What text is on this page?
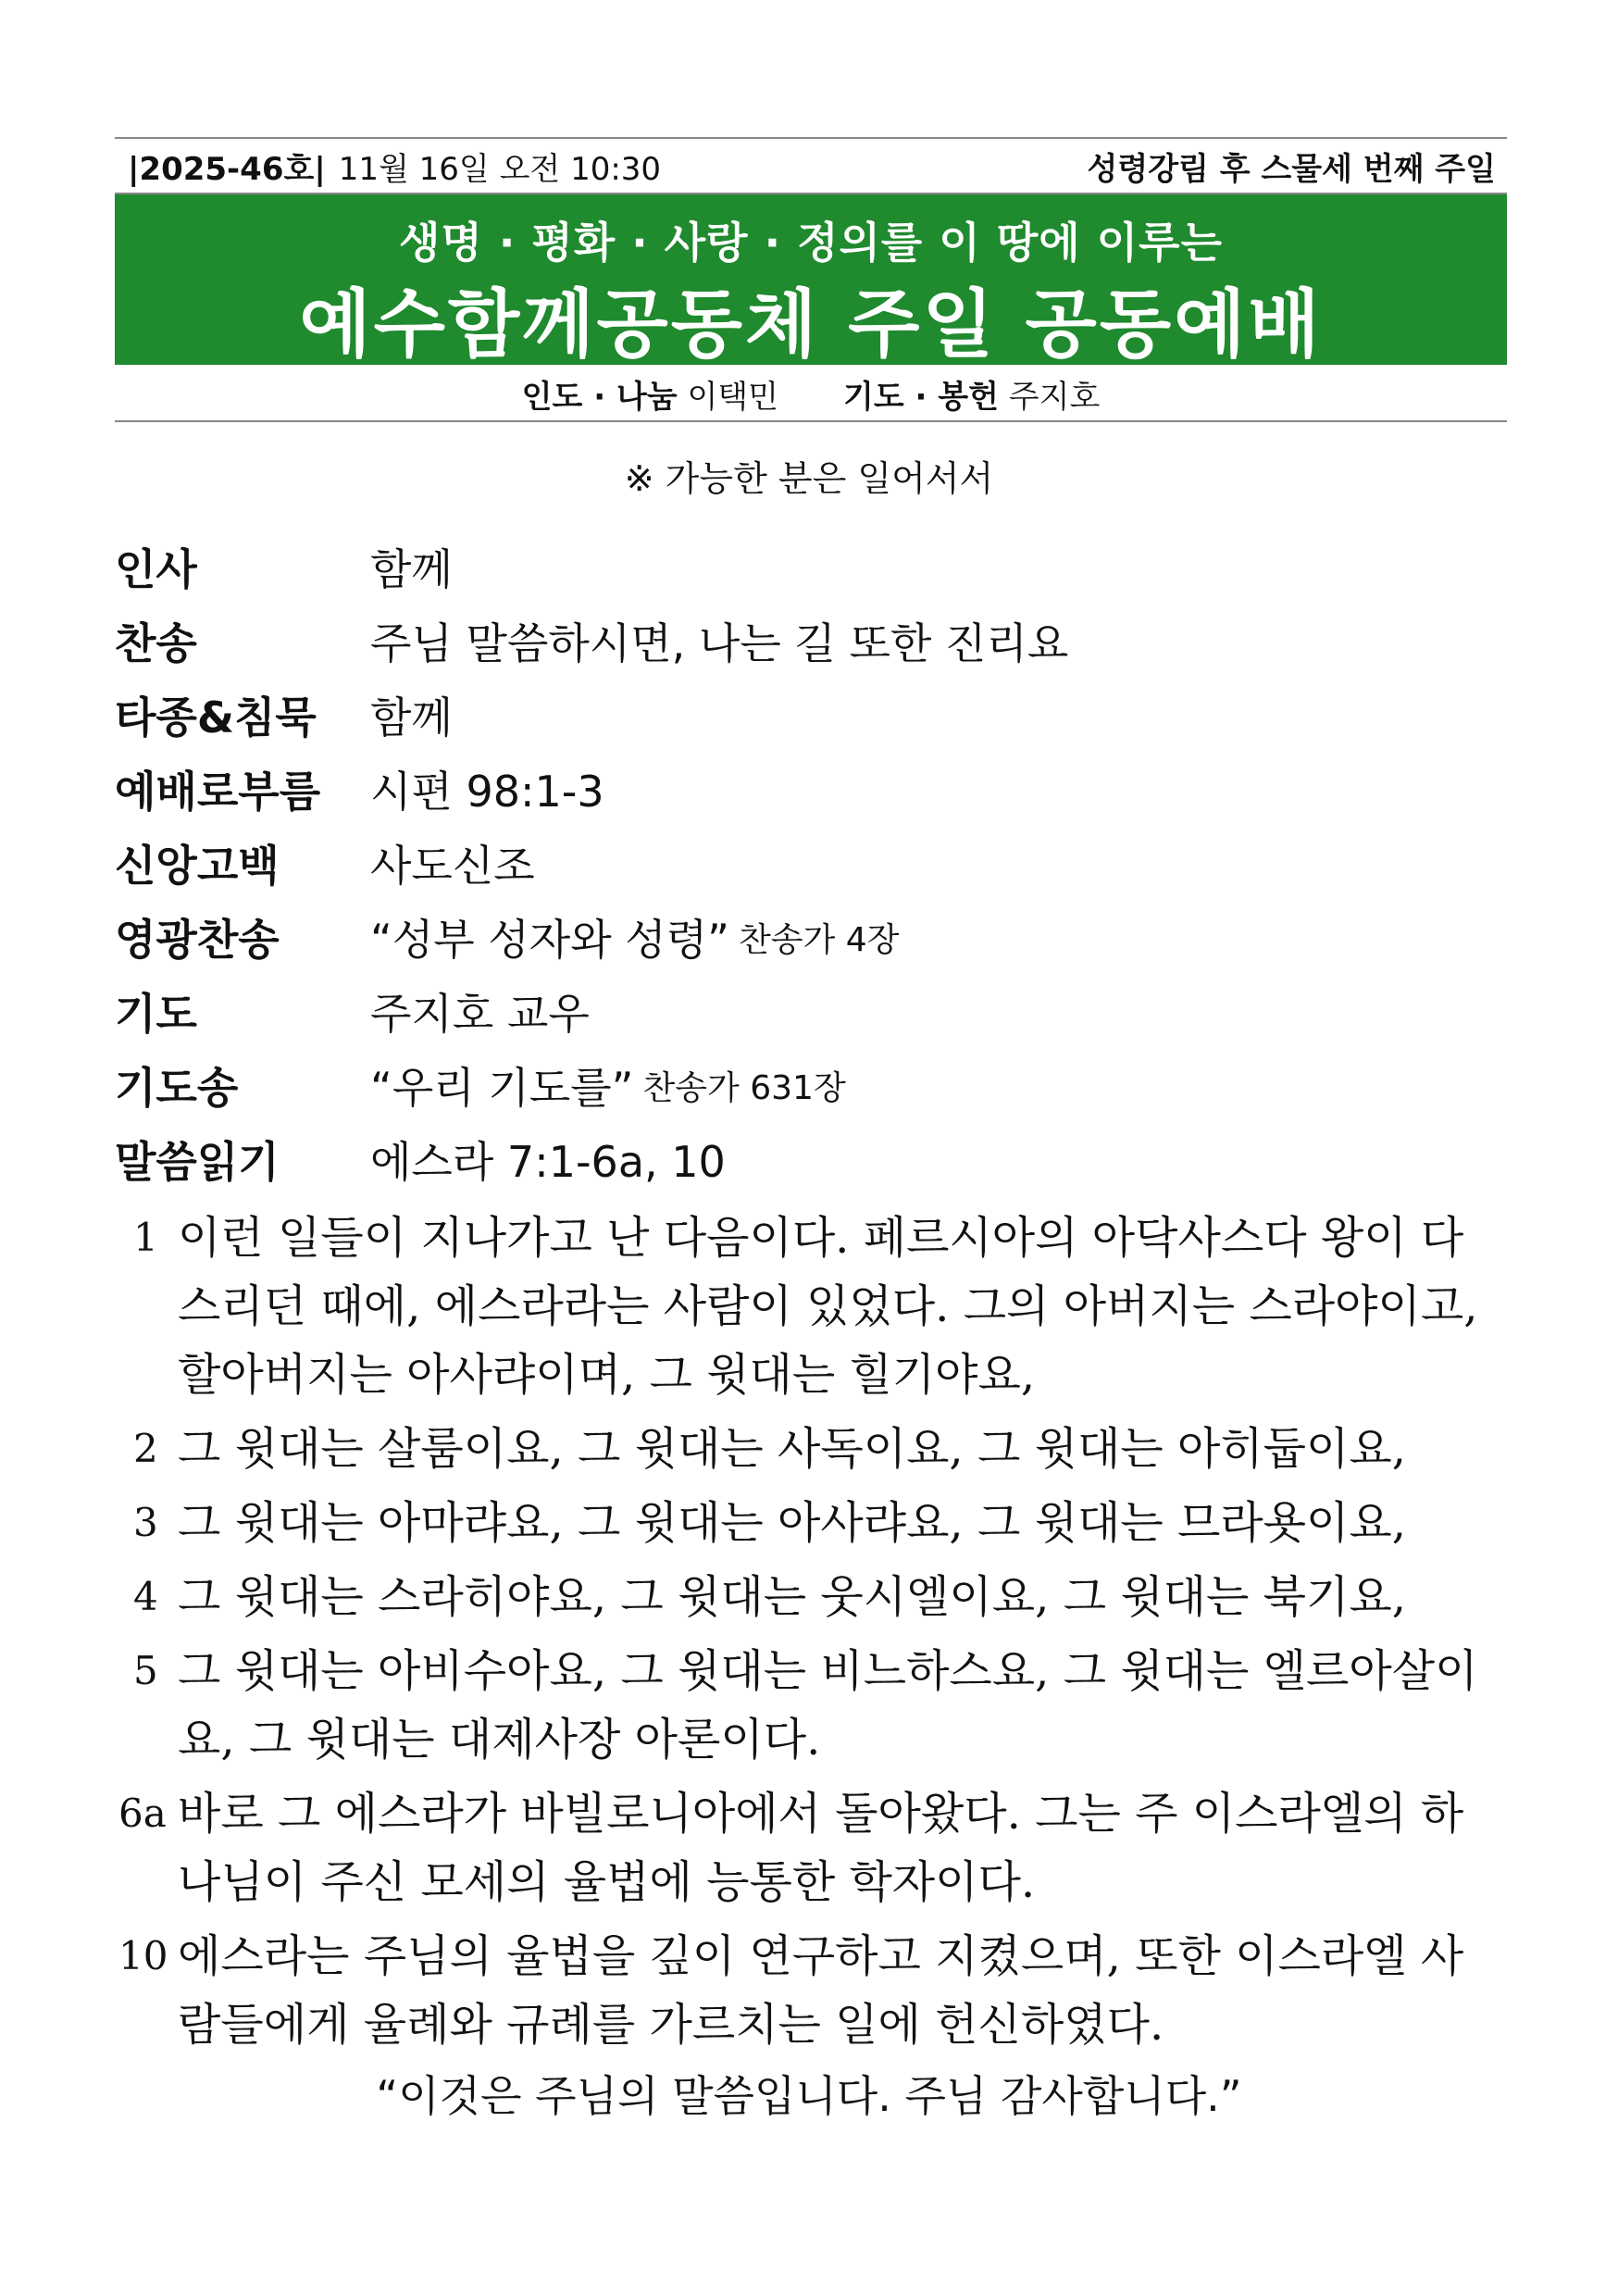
|2025-46호| 11월 16일 오전 10:30	성령강림 후 스물세 번째 주일
생명 · 평화 · 사랑 · 정의를 이 땅에 이루는
예수함께공동체 주일 공동예배
인도 · 나눔
이택민 기도 · 봉헌
주지호
※ 가능한 분은 일어서서
인사	함께
찬송	주님 말씀하시면, 나는 길 또한 진리요
타종&침묵	함께
예배로부름	시편 98:1-3
신앙고백	사도신조
영광찬송	“성부 성자와 성령” 찬송가 4장
기도	주지호 교우
기도송	“우리 기도를” 찬송가 631장
말씀읽기	에스라 7:1-6a, 10
1 이런 일들이 지나가고 난 다음이다. 페르시아의 아닥사스다 왕이 다스리던 때에, 에스라라는 사람이 있었다. 그의 아버지는 스라야이고, 할아버지는 아사랴이며, 그 윗대는 힐기야요,
2 그 윗대는 살룸이요, 그 윗대는 사독이요, 그 윗대는 아히둡이요,
3 그 윗대는 아마랴요, 그 윗대는 아사랴요, 그 윗대는 므라욧이요,
4 그 윗대는 스라히야요, 그 윗대는 웃시엘이요, 그 윗대는 북기요,
5 그 윗대는 아비수아요, 그 윗대는 비느하스요, 그 윗대는 엘르아살이요, 그 윗대는 대제사장 아론이다.
6a 바로 그 에스라가 바빌로니아에서 돌아왔다. 그는 주 이스라엘의 하나님이 주신 모세의 율법에 능통한 학자이다.
10 에스라는 주님의 율법을 깊이 연구하고 지켰으며, 또한 이스라엘 사람들에게 율례와 규례를 가르치는 일에 헌신하였다.
“이것은 주님의 말씀입니다. 주님 감사합니다.”
